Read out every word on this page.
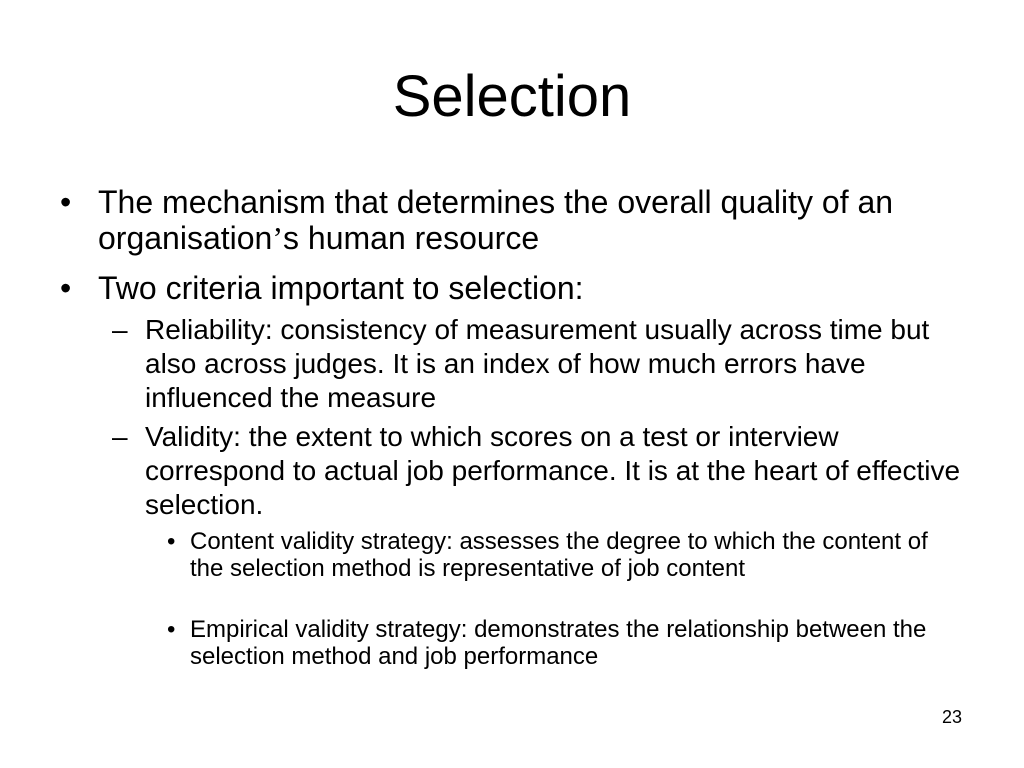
Selection

• The mechanism that determines the overall quality of an organisation’s human resource

• Two criteria important to selection:

– Reliability: consistency of measurement usually across time but also across judges. It is an index of how much errors have influenced the measure

– Validity: the extent to which scores on a test or interview correspond to actual job performance. It is at the heart of effective selection.

• Content validity strategy: assesses the degree to which the content of the selection method is representative of job content

• Empirical validity strategy: demonstrates the relationship between the selection method and job performance

23
